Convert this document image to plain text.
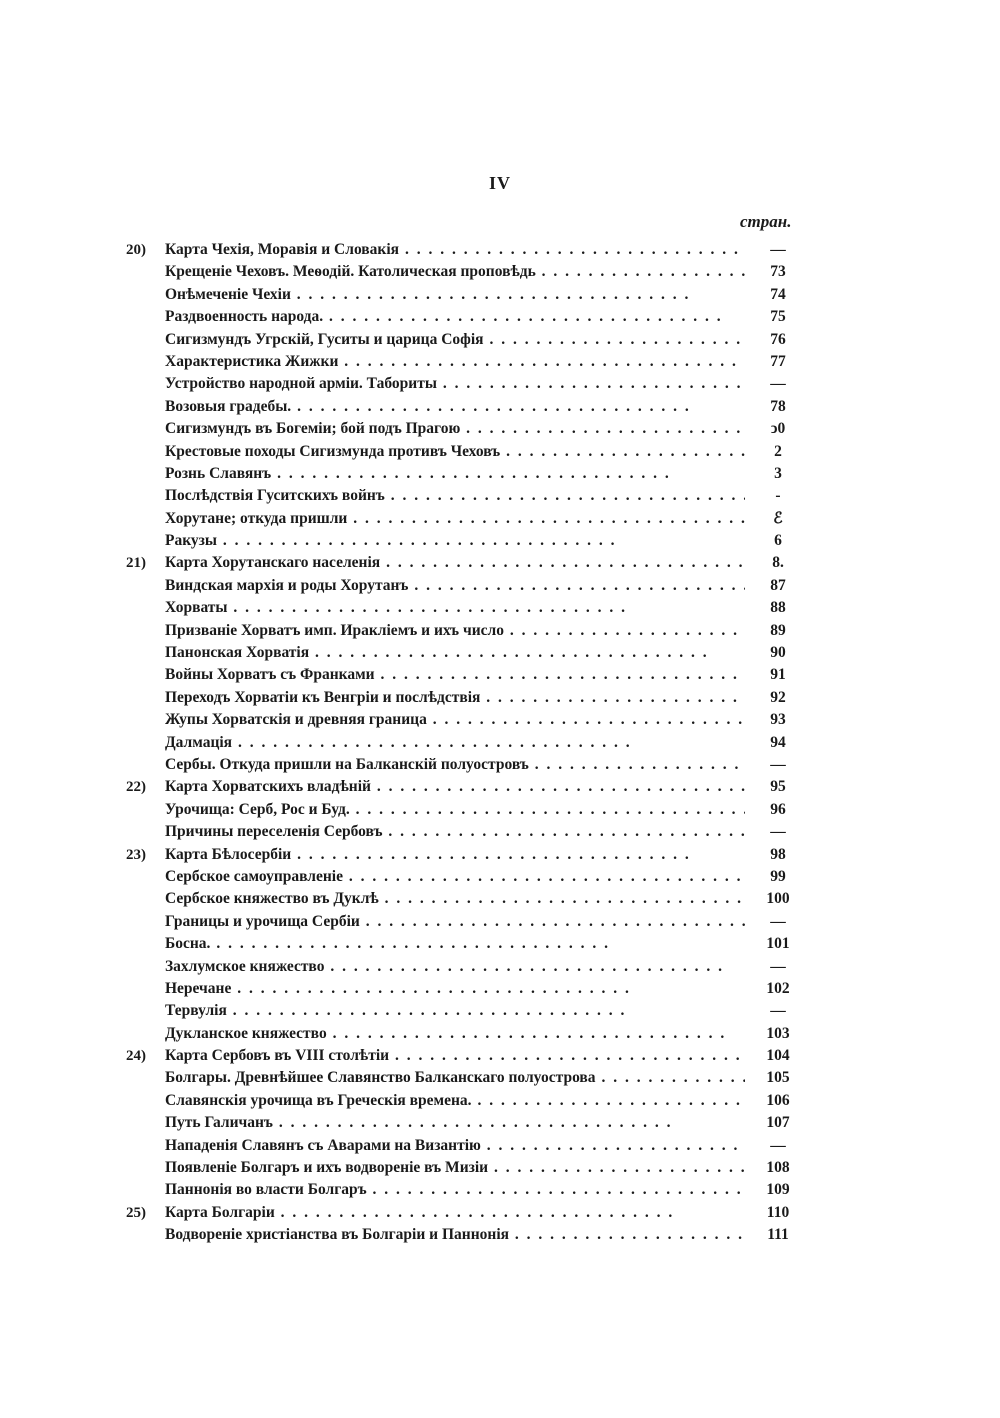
IV
стран.
20)	Карта Чехія, Моравія и Словакія . .	—
Крещеніе Чеховъ. Меѳодій. Католическая проповѣдь . .	73
Онѣмеченіе Чехіи . .	74
Раздвоенность народа. . .	75
Сигизмундъ Угрскій, Гуситы и царица Софія . .	76
Характеристика Жижки . .	77
Устройство народной арміи. Табориты . .	—
Возовыя градебы. . .	78
Сигизмундъ въ Богеміи; бой подъ Прагою . .	ↄ0
Крестовые походы Сигизмунда противъ Чеховъ . .	2
Рознь Славянъ . .	3
Послѣдствія Гуситскихъ войнъ . .	-
Хорутане; откуда пришли . .	ℰ
Ракузы . .	6
21)	Карта Хорутанскаго населенія . .	8.
Виндская мархія и роды Хорутанъ . .	87
Хорваты . .	88
Призваніе Хорватъ имп. Иракліемъ и ихъ число . .	89
Панонская Хорватія . .	90
Войны Хорватъ съ Франками . .	91
Переходъ Хорватіи къ Венгріи и послѣдствія . .	92
Жупы Хорватскія и древняя граница . .	93
Далмація . .	94
Сербы. Откуда пришли на Балканскій полуостровъ . .	—
22)	Карта Хорватскихъ владѣній . .	95
Урочища: Серб, Рос и Буд. . .	96
Причины переселенія Сербовъ . .	—
23)	Карта Бѣлосербіи . .	98
Сербское самоуправленіе . .	99
Сербское княжество въ Дуклѣ . .	100
Границы и урочища Сербіи . .	—
Босна. . .	101
Захлумское княжество . .	—
Неречане . .	102
Тервулія . .	—
Дукланское княжество . .	103
24)	Карта Сербовъ въ VIII столѣтіи . .	104
Болгары. Древнѣйшее Славянство Балканскаго полуострова . .	105
Славянскія урочища въ Греческія времена. . .	106
Путь Галичанъ . .	107
Нападенія Славянъ съ Аварами на Византію . .	—
Появленіе Болгаръ и ихъ водвореніе въ Мизіи . .	108
Паннонія во власти Болгаръ . .	109
25)	Карта Болгаріи . .	110
Водвореніе христіанства въ Болгаріи и Паннонія . .	111
